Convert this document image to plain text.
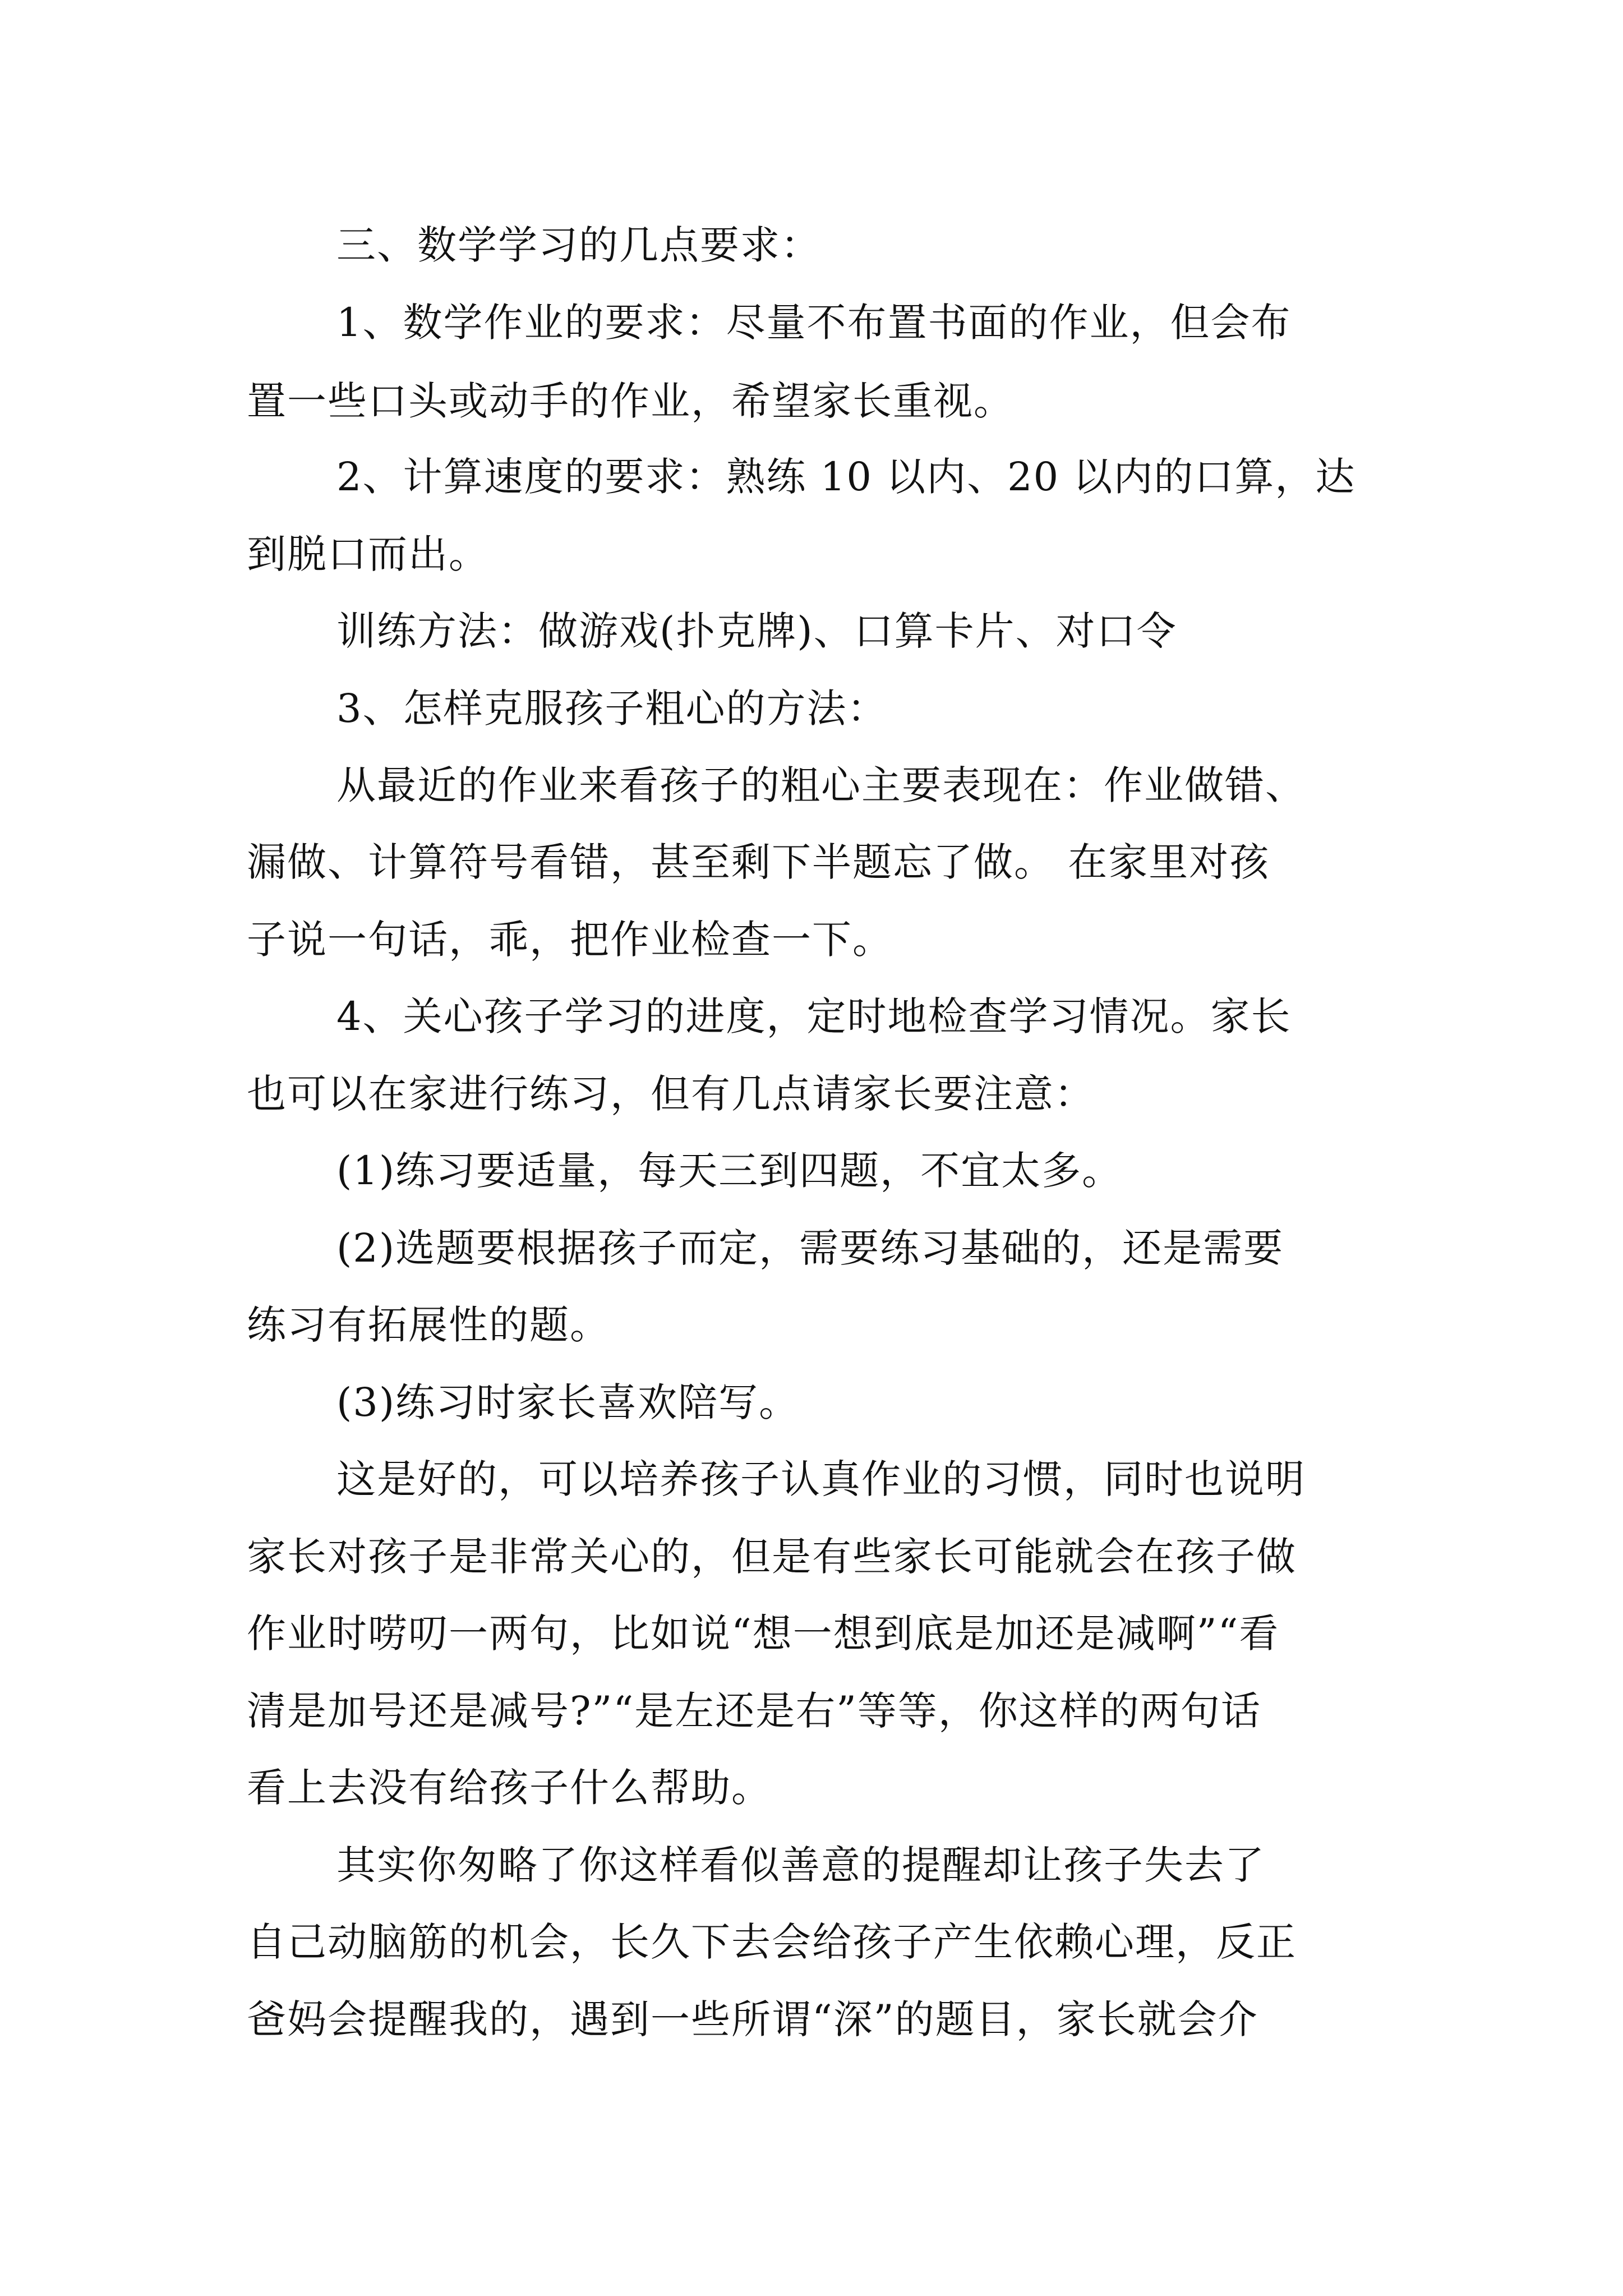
三、数学学习的几点要求：
1、数学作业的要求：尽量不布置书面的作业，但会布
置一些口头或动手的作业，希望家长重视。
2、计算速度的要求：熟练 10 以内、20 以内的口算，达
到脱口而出。
训练方法：做游戏(扑克牌)、口算卡片、对口令
3、怎样克服孩子粗心的方法：
从最近的作业来看孩子的粗心主要表现在：作业做错、
漏做、计算符号看错，甚至剩下半题忘了做。 在家里对孩
子说一句话，乖，把作业检查一下。
4、关心孩子学习的进度，定时地检查学习情况。家长
也可以在家进行练习，但有几点请家长要注意：
(1)练习要适量，每天三到四题，不宜太多。
(2)选题要根据孩子而定，需要练习基础的，还是需要
练习有拓展性的题。
(3)练习时家长喜欢陪写。
这是好的，可以培养孩子认真作业的习惯，同时也说明
家长对孩子是非常关心的，但是有些家长可能就会在孩子做
作业时唠叨一两句，比如说“想一想到底是加还是减啊”“看
清是加号还是减号?”“是左还是右”等等，你这样的两句话
看上去没有给孩子什么帮助。
其实你匆略了你这样看似善意的提醒却让孩子失去了
自己动脑筋的机会，长久下去会给孩子产生依赖心理，反正
爸妈会提醒我的，遇到一些所谓“深”的题目，家长就会介
